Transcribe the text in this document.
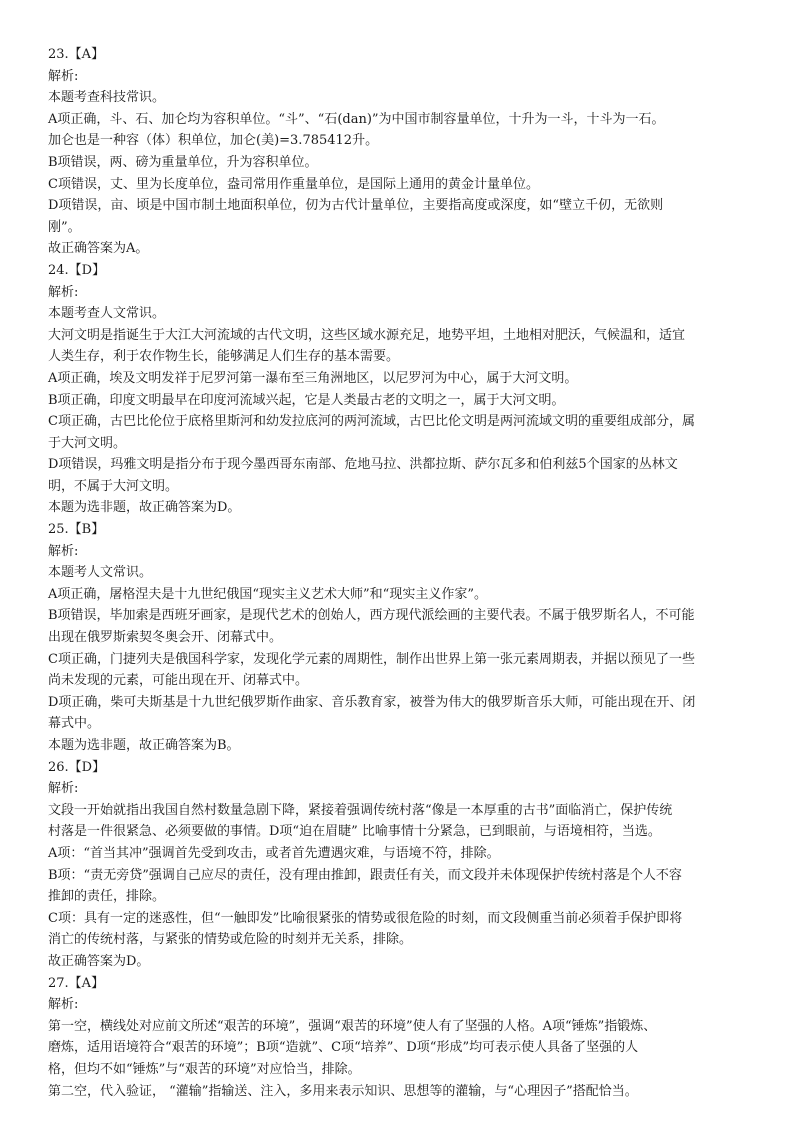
23.【A】
解析:
本题考查科技常识。
A项正确，斗、石、加仑均为容积单位。“斗”、“石(dan)”为中国市制容量单位，十升为一斗，十斗为一石。
加仑也是一种容（体）积单位，加仑(美)=3.785412升。
B项错误，两、磅为重量单位，升为容积单位。
C项错误，丈、里为长度单位，盎司常用作重量单位，是国际上通用的黄金计量单位。
D项错误，亩、顷是中国市制土地面积单位，仞为古代计量单位，主要指高度或深度，如“壁立千仞，无欲则
刚”。
故正确答案为A。
24.【D】
解析:
本题考查人文常识。
大河文明是指诞生于大江大河流域的古代文明，这些区域水源充足，地势平坦，土地相对肥沃，气候温和，适宜
人类生存，利于农作物生长，能够满足人们生存的基本需要。
A项正确，埃及文明发祥于尼罗河第一瀑布至三角洲地区，以尼罗河为中心，属于大河文明。
B项正确，印度文明最早在印度河流域兴起，它是人类最古老的文明之一，属于大河文明。
C项正确，古巴比伦位于底格里斯河和幼发拉底河的两河流域，古巴比伦文明是两河流域文明的重要组成部分，属
于大河文明。
D项错误，玛雅文明是指分布于现今墨西哥东南部、危地马拉、洪都拉斯、萨尔瓦多和伯利兹5个国家的丛林文
明，不属于大河文明。
本题为选非题，故正确答案为D。
25.【B】
解析:
本题考人文常识。
A项正确，屠格涅夫是十九世纪俄国“现实主义艺术大师”和“现实主义作家”。
B项错误，毕加索是西班牙画家，是现代艺术的创始人，西方现代派绘画的主要代表。不属于俄罗斯名人，不可能
出现在俄罗斯索契冬奥会开、闭幕式中。
C项正确，门捷列夫是俄国科学家，发现化学元素的周期性，制作出世界上第一张元素周期表，并据以预见了一些
尚未发现的元素，可能出现在开、闭幕式中。
D项正确，柴可夫斯基是十九世纪俄罗斯作曲家、音乐教育家，被誉为伟大的俄罗斯音乐大师，可能出现在开、闭
幕式中。
本题为选非题，故正确答案为B。
26.【D】
解析:
文段一开始就指出我国自然村数量急剧下降，紧接着强调传统村落“像是一本厚重的古书”面临消亡，保护传统
村落是一件很紧急、必须要做的事情。D项“迫在眉睫” 比喻事情十分紧急，已到眼前，与语境相符，当选。
A项：“首当其冲”强调首先受到攻击，或者首先遭遇灾难，与语境不符，排除。
B项：“责无旁贷”强调自己应尽的责任，没有理由推卸，跟责任有关，而文段并未体现保护传统村落是个人不容
推卸的责任，排除。
C项：具有一定的迷惑性，但“一触即发”比喻很紧张的情势或很危险的时刻，而文段侧重当前必须着手保护即将
消亡的传统村落，与紧张的情势或危险的时刻并无关系，排除。
故正确答案为D。
27.【A】
解析:
第一空，横线处对应前文所述“艰苦的环境”，强调“艰苦的环境”使人有了坚强的人格。A项“锤炼”指锻炼、
磨炼，适用语境符合“艰苦的环境”；B项“造就”、C项“培养”、D项“形成”均可表示使人具备了坚强的人
格，但均不如“锤炼”与“艰苦的环境”对应恰当，排除。
第二空，代入验证， “灌输”指输送、注入，多用来表示知识、思想等的灌输，与“心理因子”搭配恰当。
